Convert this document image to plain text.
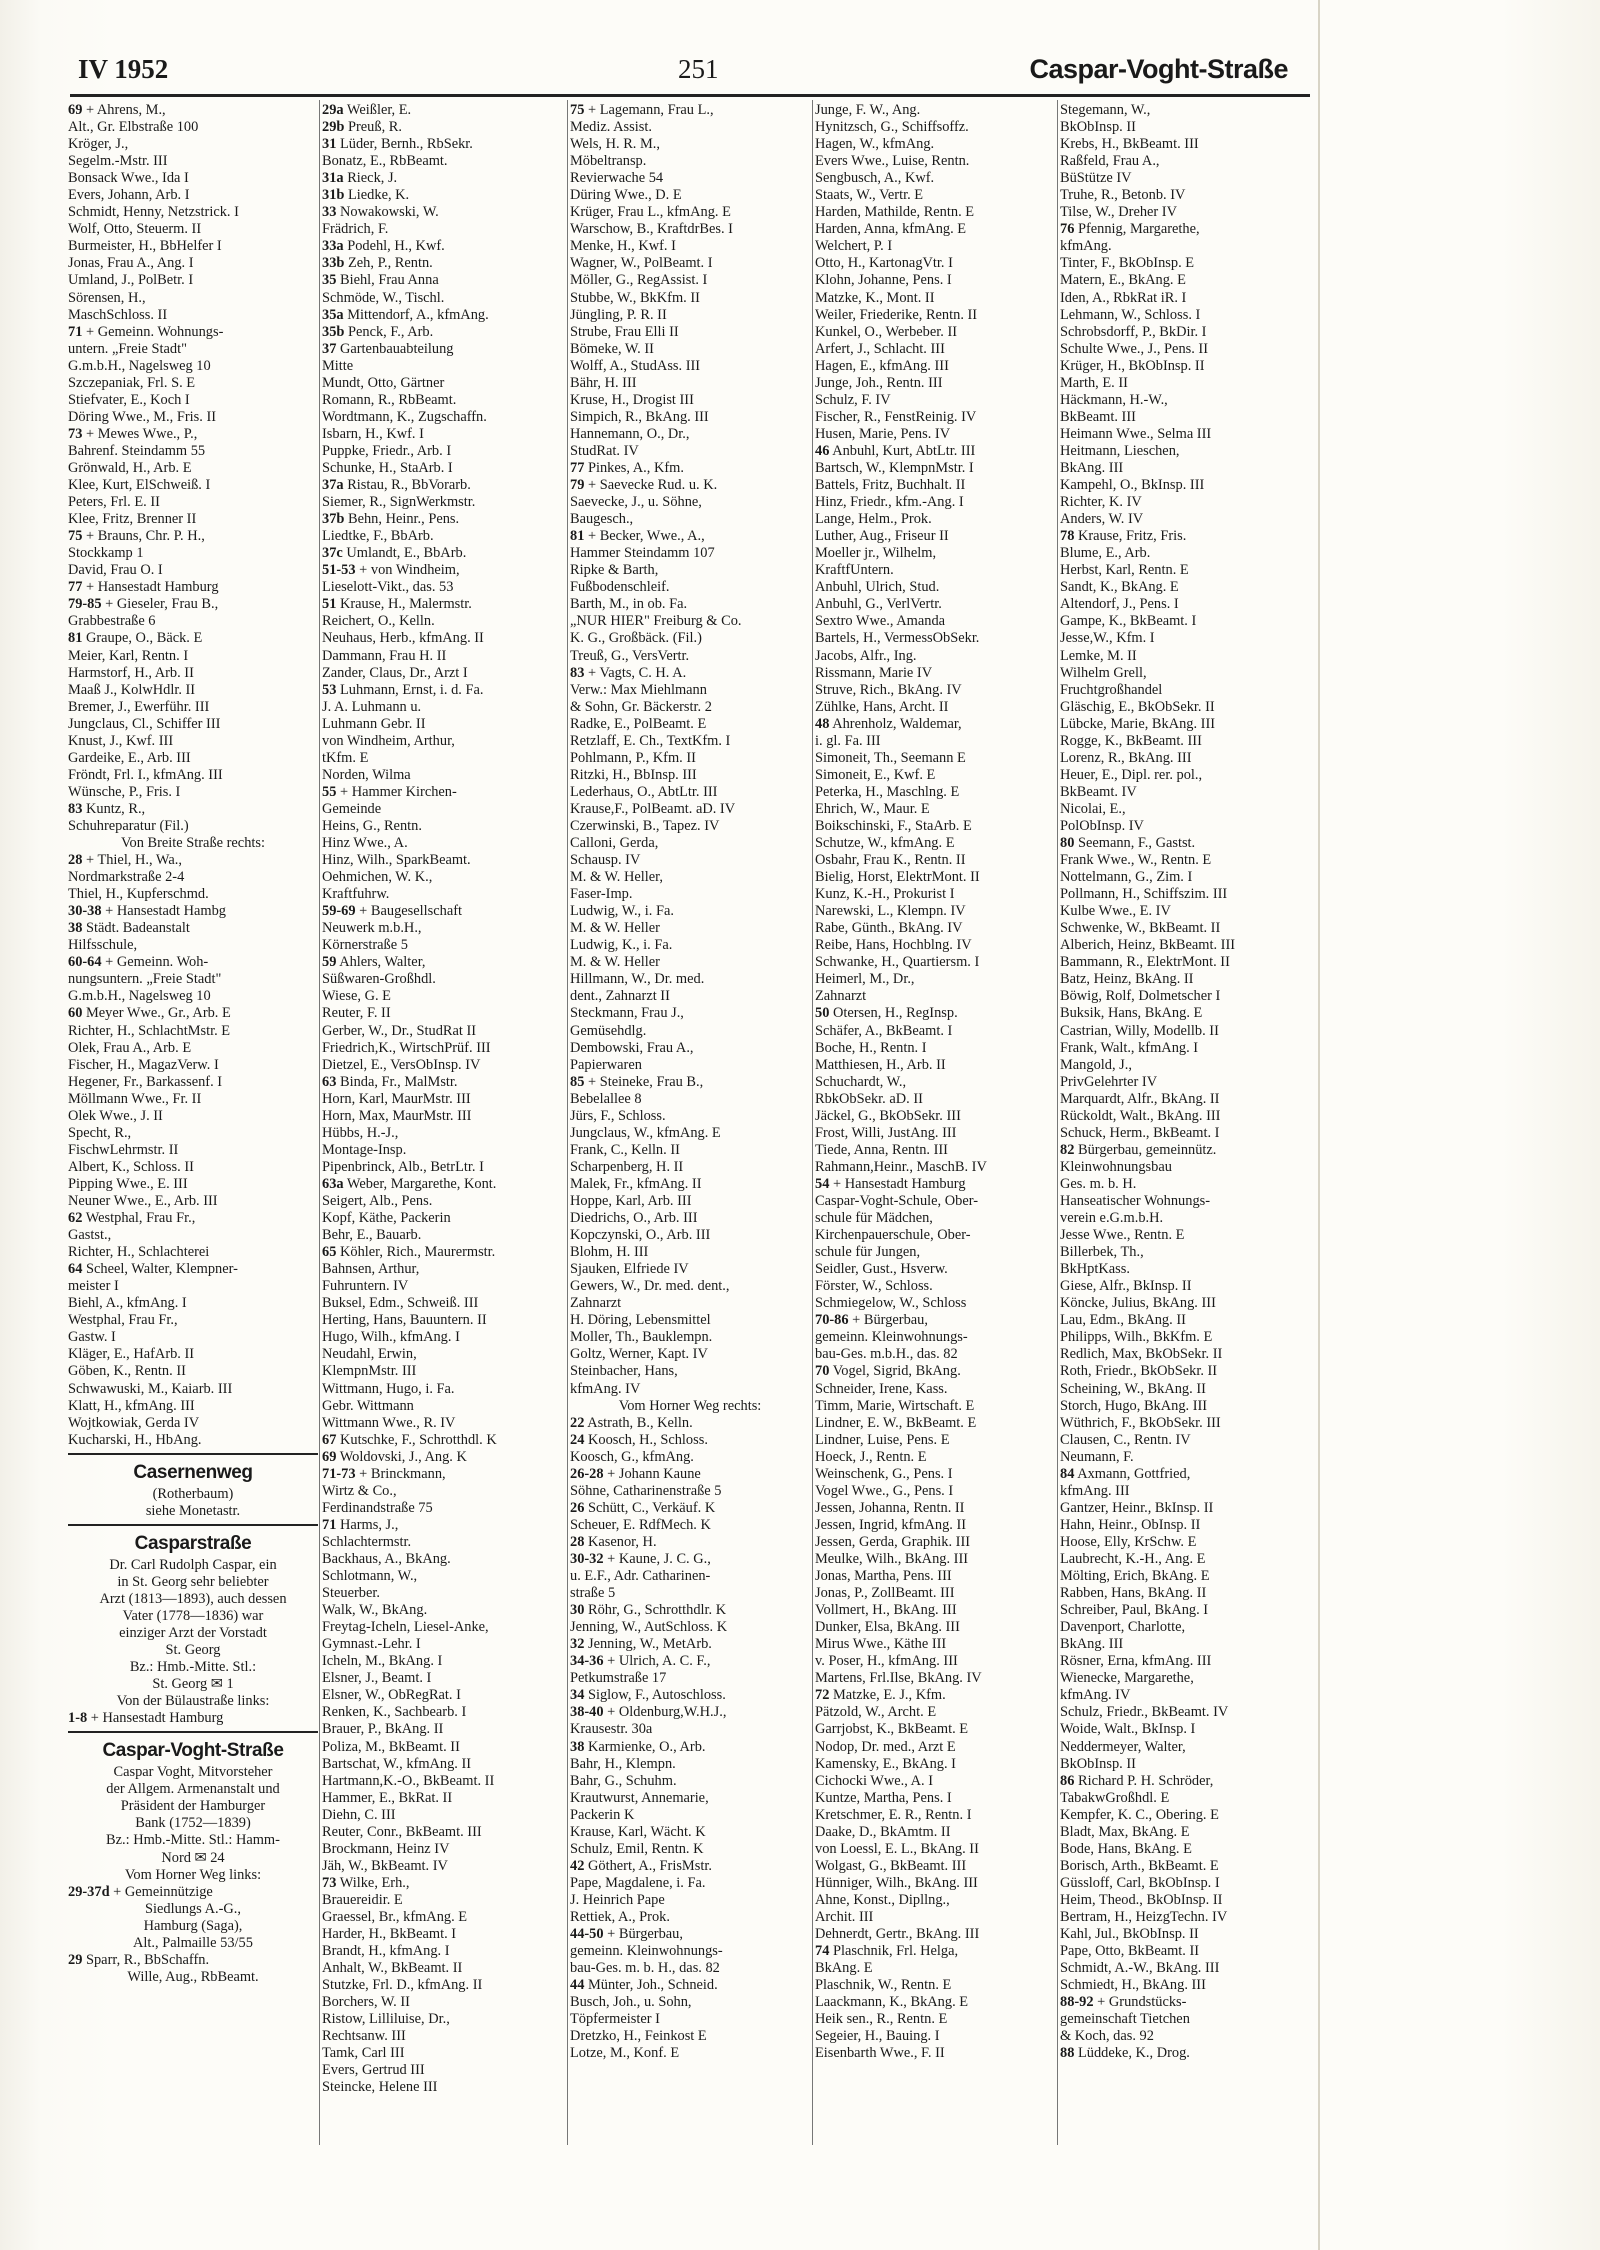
IV 1952	251	Caspar-Voght-Straße
69 + Ahrens, M.,
Alt., Gr. Elbstraße 100
Kröger, J.,
Segelm.-Mstr. III
Bonsack Wwe., Ida I
Evers, Johann, Arb. I
Schmidt, Henny, Netzstrick. I
Wolf, Otto, Steuerm. II
Burmeister, H., BbHelfer I
Jonas, Frau A., Ang. I
Umland, J., PolBetr. I
Sörensen, H.,
MaschSchloss. II
71 + Gemeinn. Wohnungs-
untern. „Freie Stadt"
G.m.b.H., Nagelsweg 10
Szczepaniak, Frl. S. E
Stiefvater, E., Koch I
Döring Wwe., M., Fris. II
73 + Mewes Wwe., P.,
Bahrenf. Steindamm 55
Grönwald, H., Arb. E
Klee, Kurt, ElSchweiß. I
Peters, Frl. E. II
Klee, Fritz, Brenner II
75 + Brauns, Chr. P. H.,
Stockkamp 1
David, Frau O. I
77 + Hansestadt Hamburg
79-85 + Gieseler, Frau B.,
Grabbestraße 6
81 Graupe, O., Bäck. E
Meier, Karl, Rentn. I
Harmstorf, H., Arb. II
Maaß J., KolwHdlr. II
Bremer, J., Ewerführ. III
Jungclaus, Cl., Schiffer III
Knust, J., Kwf. III
Gardeike, E., Arb. III
Fröndt, Frl. I., kfmAng. III
Wünsche, P., Fris. I
83 Kuntz, R.,
Schuhreparatur (Fil.)
Von Breite Straße rechts:
28 + Thiel, H., Wa.,
Nordmarkstraße 2-4
Thiel, H., Kupferschmd.
30-38 + Hansestadt Hambg
38 Städt. Badeanstalt
Hilfsschule,
60-64 + Gemeinn. Woh-
nungsuntern. „Freie Stadt"
G.m.b.H., Nagelsweg 10
60 Meyer Wwe., Gr., Arb. E
Richter, H., SchlachtMstr. E
Olek, Frau A., Arb. E
Fischer, H., MagazVerw. I
Hegener, Fr., Barkassenf. I
Möllmann Wwe., Fr. II
Olek Wwe., J. II
Specht, R.,
FischwLehrmstr. II
Albert, K., Schloss. II
Pipping Wwe., E. III
Neuner Wwe., E., Arb. III
62 Westphal, Frau Fr.,
Gastst.,
Richter, H., Schlachterei
64 Scheel, Walter, Klempner-
meister I
Biehl, A., kfmAng. I
Westphal, Frau Fr.,
Gastw. I
Kläger, E., HafArb. II
Göben, K., Rentn. II
Schwawuski, M., Kaiarb. III
Klatt, H., kfmAng. III
Wojtkowiak, Gerda IV
Kucharski, H., HbAng.
Casernenweg
(Rotherbaum)
siehe Monetastr.
Casparstraße
Dr. Carl Rudolph Caspar, ein
in St. Georg sehr beliebter
Arzt (1813—1893), auch dessen
Vater (1778—1836) war
einziger Arzt der Vorstadt
St. Georg
Bz.: Hmb.-Mitte. Stl.:
St. Georg ✉ 1
Von der Bülaustraße links:
1-8 + Hansestadt Hamburg
Caspar-Voght-Straße
Caspar Voght, Mitvorsteher
der Allgem. Armenanstalt und
Präsident der Hamburger
Bank (1752—1839)
Bz.: Hmb.-Mitte. Stl.: Hamm-
Nord ✉ 24
Vom Horner Weg links:
29-37d + Gemeinnützige
Siedlungs A.-G.,
Hamburg (Saga),
Alt., Palmaille 53/55
29 Sparr, R., BbSchaffn.
Wille, Aug., RbBeamt.
29a Weißler, E.
29b Preuß, R.
31 Lüder, Bernh., RbSekr.
Bonatz, E., RbBeamt.
31a Rieck, J.
31b Liedke, K.
33 Nowakowski, W.
Frädrich, F.
33a Podehl, H., Kwf.
33b Zeh, P., Rentn.
35 Biehl, Frau Anna
Schmöde, W., Tischl.
35a Mittendorf, A., kfmAng.
35b Penck, F., Arb.
37 Gartenbauabteilung
Mitte
Mundt, Otto, Gärtner
Romann, R., RbBeamt.
Wordtmann, K., Zugschaffn.
Isbarn, H., Kwf. I
Puppke, Friedr., Arb. I
Schunke, H., StaArb. I
37a Ristau, R., BbVorarb.
Siemer, R., SignWerkmstr.
37b Behn, Heinr., Pens.
Liedtke, F., BbArb.
37c Umlandt, E., BbArb.
51-53 + von Windheim,
Lieselott-Vikt., das. 53
51 Krause, H., Malermstr.
Reichert, O., Kelln.
Neuhaus, Herb., kfmAng. II
Dammann, Frau H. II
Zander, Claus, Dr., Arzt I
53 Luhmann, Ernst, i. d. Fa.
J. A. Luhmann u.
Luhmann Gebr. II
von Windheim, Arthur,
tKfm. E
Norden, Wilma
55 + Hammer Kirchen-
Gemeinde
Heins, G., Rentn.
Hinz Wwe., A.
Hinz, Wilh., SparkBeamt.
Oehmichen, W. K.,
Kraftfuhrw.
59-69 + Baugesellschaft
Neuwerk m.b.H.,
Körnerstraße 5
59 Ahlers, Walter,
Süßwaren-Großhdl.
Wiese, G. E
Reuter, F. II
Gerber, W., Dr., StudRat II
Friedrich,K., WirtschPrüf. III
Dietzel, E., VersObInsp. IV
63 Binda, Fr., MalMstr.
Horn, Karl, MaurMstr. III
Horn, Max, MaurMstr. III
Hübbs, H.-J.,
Montage-Insp.
Pipenbrinck, Alb., BetrLtr. I
63a Weber, Margarethe, Kont.
Seigert, Alb., Pens.
Kopf, Käthe, Packerin
Behr, E., Bauarb.
65 Köhler, Rich., Maurermstr.
Bahnsen, Arthur,
Fuhruntern. IV
Buksel, Edm., Schweiß. III
Herting, Hans, Bauuntern. II
Hugo, Wilh., kfmAng. I
Neudahl, Erwin,
KlempnMstr. III
Wittmann, Hugo, i. Fa.
Gebr. Wittmann
Wittmann Wwe., R. IV
67 Kutschke, F., Schrotthdl. K
69 Woldovski, J., Ang. K
71-73 + Brinckmann,
Wirtz & Co.,
Ferdinandstraße 75
71 Harms, J.,
Schlachtermstr.
Backhaus, A., BkAng.
Schlotmann, W.,
Steuerber.
Walk, W., BkAng.
Freytag-Icheln, Liesel-Anke,
Gymnast.-Lehr. I
Icheln, M., BkAng. I
Elsner, J., Beamt. I
Elsner, W., ObRegRat. I
Renken, K., Sachbearb. I
Brauer, P., BkAng. II
Poliza, M., BkBeamt. II
Bartschat, W., kfmAng. II
Hartmann,K.-O., BkBeamt. II
Hammer, E., BkRat. II
Diehn, C. III
Reuter, Conr., BkBeamt. III
Brockmann, Heinz IV
Jäh, W., BkBeamt. IV
73 Wilke, Erh.,
Brauereidir. E
Graessel, Br., kfmAng. E
Harder, H., BkBeamt. I
Brandt, H., kfmAng. I
Anhalt, W., BkBeamt. II
Stutzke, Frl. D., kfmAng. II
Borchers, W. II
Ristow, Lilliluise, Dr.,
Rechtsanw. III
Tamk, Carl III
Evers, Gertrud III
Steincke, Helene III
75 + Lagemann, Frau L.,
Mediz. Assist.
Wels, H. R. M.,
Möbeltransp.
Revierwache 54
Düring Wwe., D. E
Krüger, Frau L., kfmAng. E
Warschow, B., KraftdrBes. I
Menke, H., Kwf. I
Wagner, W., PolBeamt. I
Möller, G., RegAssist. I
Stubbe, W., BkKfm. II
Jüngling, P. R. II
Strube, Frau Elli II
Bömeke, W. II
Wolff, A., StudAss. III
Bähr, H. III
Kruse, H., Drogist III
Simpich, R., BkAng. III
Hannemann, O., Dr.,
StudRat. IV
77 Pinkes, A., Kfm.
79 + Saevecke Rud. u. K.
Saevecke, J., u. Söhne,
Baugesch.,
81 + Becker, Wwe., A.,
Hammer Steindamm 107
Ripke & Barth,
Fußbodenschleif.
Barth, M., in ob. Fa.
„NUR HIER" Freiburg & Co.
K. G., Großbäck. (Fil.)
Treuß, G., VersVertr.
83 + Vagts, C. H. A.
Verw.: Max Miehlmann
& Sohn, Gr. Bäckerstr. 2
Radke, E., PolBeamt. E
Retzlaff, E. Ch., TextKfm. I
Pohlmann, P., Kfm. II
Ritzki, H., BbInsp. III
Lederhaus, O., AbtLtr. III
Krause,F., PolBeamt. aD. IV
Czerwinski, B., Tapez. IV
Calloni, Gerda,
Schausp. IV
M. & W. Heller,
Faser-Imp.
Ludwig, W., i. Fa.
M. & W. Heller
Ludwig, K., i. Fa.
M. & W. Heller
Hillmann, W., Dr. med.
dent., Zahnarzt II
Steckmann, Frau J.,
Gemüsehdlg.
Dembowski, Frau A.,
Papierwaren
85 + Steineke, Frau B.,
Bebelallee 8
Jürs, F., Schloss.
Jungclaus, W., kfmAng. E
Frank, C., Kelln. II
Scharpenberg, H. II
Malek, Fr., kfmAng. II
Hoppe, Karl, Arb. III
Diedrichs, O., Arb. III
Kopczynski, O., Arb. III
Blohm, H. III
Sjauken, Elfriede IV
Gewers, W., Dr. med. dent.,
Zahnarzt
H. Döring, Lebensmittel
Moller, Th., Bauklempn.
Goltz, Werner, Kapt. IV
Steinbacher, Hans,
kfmAng. IV
Vom Horner Weg rechts:
22 Astrath, B., Kelln.
24 Koosch, H., Schloss.
Koosch, G., kfmAng.
26-28 + Johann Kaune
Söhne, Catharinenstraße 5
26 Schütt, C., Verkäuf. K
Scheuer, E. RdfMech. K
28 Kasenor, H.
30-32 + Kaune, J. C. G.,
u. E.F., Adr. Catharinen-
straße 5
30 Röhr, G., Schrotthdlr. K
Jenning, W., AutSchloss. K
32 Jenning, W., MetArb.
34-36 + Ulrich, A. C. F.,
Petkumstraße 17
34 Siglow, F., Autoschloss.
38-40 + Oldenburg,W.H.J.,
Krausestr. 30a
38 Karmienke, O., Arb.
Bahr, H., Klempn.
Bahr, G., Schuhm.
Krautwurst, Annemarie,
Packerin K
Krause, Karl, Wächt. K
Schulz, Emil, Rentn. K
42 Göthert, A., FrisMstr.
Pape, Magdalene, i. Fa.
J. Heinrich Pape
Rettiek, A., Prok.
44-50 + Bürgerbau,
gemeinn. Kleinwohnungs-
bau-Ges. m. b. H., das. 82
44 Münter, Joh., Schneid.
Busch, Joh., u. Sohn,
Töpfermeister I
Dretzko, H., Feinkost E
Lotze, M., Konf. E
Junge, F. W., Ang.
Hynitzsch, G., Schiffsoffz.
Hagen, W., kfmAng.
Evers Wwe., Luise, Rentn.
Sengbusch, A., Kwf.
Staats, W., Vertr. E
Harden, Mathilde, Rentn. E
Harden, Anna, kfmAng. E
Welchert, P. I
Otto, H., KartonagVtr. I
Klohn, Johanne, Pens. I
Matzke, K., Mont. II
Weiler, Friederike, Rentn. II
Kunkel, O., Werbeber. II
Arfert, J., Schlacht. III
Hagen, E., kfmAng. III
Junge, Joh., Rentn. III
Schulz, F. IV
Fischer, R., FenstReinig. IV
Husen, Marie, Pens. IV
46 Anbuhl, Kurt, AbtLtr. III
Bartsch, W., KlempnMstr. I
Battels, Fritz, Buchhalt. II
Hinz, Friedr., kfm.-Ang. I
Lange, Helm., Prok.
Luther, Aug., Friseur II
Moeller jr., Wilhelm,
KraftfUntern.
Anbuhl, Ulrich, Stud.
Anbuhl, G., VerlVertr.
Sextro Wwe., Amanda
Bartels, H., VermessObSekr.
Jacobs, Alfr., Ing.
Rissmann, Marie IV
Struve, Rich., BkAng. IV
Zühlke, Hans, Archt. II
48 Ahrenholz, Waldemar,
i. gl. Fa. III
Simoneit, Th., Seemann E
Simoneit, E., Kwf. E
Peterka, H., Maschlng. E
Ehrich, W., Maur. E
Boikschinski, F., StaArb. E
Schutze, W., kfmAng. E
Osbahr, Frau K., Rentn. II
Bielig, Horst, ElektrMont. II
Kunz, K.-H., Prokurist I
Narewski, L., Klempn. IV
Rabe, Günth., BkAng. IV
Reibe, Hans, Hochblng. IV
Schwanke, H., Quartiersm. I
Heimerl, M., Dr.,
Zahnarzt
50 Otersen, H., RegInsp.
Schäfer, A., BkBeamt. I
Boche, H., Rentn. I
Matthiesen, H., Arb. II
Schuchardt, W.,
RbkObSekr. aD. II
Jäckel, G., BkObSekr. III
Frost, Willi, JustAng. III
Tiede, Anna, Rentn. III
Rahmann,Heinr., MaschB. IV
54 + Hansestadt Hamburg
Caspar-Voght-Schule, Ober-
schule für Mädchen,
Kirchenpauerschule, Ober-
schule für Jungen,
Seidler, Gust., Hsverw.
Förster, W., Schloss.
Schmiegelow, W., Schloss
70-86 + Bürgerbau,
gemeinn. Kleinwohnungs-
bau-Ges. m.b.H., das. 82
70 Vogel, Sigrid, BkAng.
Schneider, Irene, Kass.
Timm, Marie, Wirtschaft. E
Lindner, E. W., BkBeamt. E
Lindner, Luise, Pens. E
Hoeck, J., Rentn. E
Weinschenk, G., Pens. I
Vogel Wwe., G., Pens. I
Jessen, Johanna, Rentn. II
Jessen, Ingrid, kfmAng. II
Jessen, Gerda, Graphik. III
Meulke, Wilh., BkAng. III
Jonas, Martha, Pens. III
Jonas, P., ZollBeamt. III
Vollmert, H., BkAng. III
Dunker, Elsa, BkAng. III
Mirus Wwe., Käthe III
v. Poser, H., kfmAng. III
Martens, Frl.Ilse, BkAng. IV
72 Matzke, E. J., Kfm.
Pätzold, W., Archt. E
Garrjobst, K., BkBeamt. E
Nodop, Dr. med., Arzt E
Kamensky, E., BkAng. I
Cichocki Wwe., A. I
Kuntze, Martha, Pens. I
Kretschmer, E. R., Rentn. I
Daake, D., BkAmtm. II
von Loessl, E. L., BkAng. II
Wolgast, G., BkBeamt. III
Hünniger, Wilh., BkAng. III
Ahne, Konst., Dipllng.,
Archit. III
Dehnerdt, Gertr., BkAng. III
74 Plaschnik, Frl. Helga,
BkAng. E
Plaschnik, W., Rentn. E
Laackmann, K., BkAng. E
Heik sen., R., Rentn. E
Segeier, H., Bauing. I
Eisenbarth Wwe., F. II
Stegemann, W.,
BkObInsp. II
Krebs, H., BkBeamt. III
Raßfeld, Frau A.,
BüStütze IV
Truhe, R., Betonb. IV
Tilse, W., Dreher IV
76 Pfennig, Margarethe,
kfmAng.
Tinter, F., BkObInsp. E
Matern, E., BkAng. E
Iden, A., RbkRat iR. I
Lehmann, W., Schloss. I
Schrobsdorff, P., BkDir. I
Schulte Wwe., J., Pens. II
Krüger, H., BkObInsp. II
Marth, E. II
Häckmann, H.-W.,
BkBeamt. III
Heimann Wwe., Selma III
Heitmann, Lieschen,
BkAng. III
Kampehl, O., BkInsp. III
Richter, K. IV
Anders, W. IV
78 Krause, Fritz, Fris.
Blume, E., Arb.
Herbst, Karl, Rentn. E
Sandt, K., BkAng. E
Altendorf, J., Pens. I
Gampe, K., BkBeamt. I
Jesse,W., Kfm. I
Lemke, M. II
Wilhelm Grell,
Fruchtgroßhandel
Gläschig, E., BkObSekr. II
Lübcke, Marie, BkAng. III
Rogge, K., BkBeamt. III
Lorenz, R., BkAng. III
Heuer, E., Dipl. rer. pol.,
BkBeamt. IV
Nicolai, E.,
PolObInsp. IV
80 Seemann, F., Gastst.
Frank Wwe., W., Rentn. E
Nottelmann, G., Zim. I
Pollmann, H., Schiffszim. III
Kulbe Wwe., E. IV
Schwenke, W., BkBeamt. II
Alberich, Heinz, BkBeamt. III
Bammann, R., ElektrMont. II
Batz, Heinz, BkAng. II
Böwig, Rolf, Dolmetscher I
Buksik, Hans, BkAng. E
Castrian, Willy, Modellb. II
Frank, Walt., kfmAng. I
Mangold, J.,
PrivGelehrter IV
Marquardt, Alfr., BkAng. II
Rückoldt, Walt., BkAng. III
Schuck, Herm., BkBeamt. I
82 Bürgerbau, gemeinnütz.
Kleinwohnungsbau
Ges. m. b. H.
Hanseatischer Wohnungs-
verein e.G.m.b.H.
Jesse Wwe., Rentn. E
Billerbek, Th.,
BkHptKass.
Giese, Alfr., BkInsp. II
Köncke, Julius, BkAng. III
Lau, Edm., BkAng. II
Philipps, Wilh., BkKfm. E
Redlich, Max, BkObSekr. II
Roth, Friedr., BkObSekr. II
Scheining, W., BkAng. II
Storch, Hugo, BkAng. III
Wüthrich, F., BkObSekr. III
Clausen, C., Rentn. IV
Neumann, F.
84 Axmann, Gottfried,
kfmAng. III
Gantzer, Heinr., BkInsp. II
Hahn, Heinr., ObInsp. II
Hoose, Elly, KrSchw. E
Laubrecht, K.-H., Ang. E
Mölting, Erich, BkAng. E
Rabben, Hans, BkAng. II
Schreiber, Paul, BkAng. I
Davenport, Charlotte,
BkAng. III
Rösner, Erna, kfmAng. III
Wienecke, Margarethe,
kfmAng. IV
Schulz, Friedr., BkBeamt. IV
Woide, Walt., BkInsp. I
Neddermeyer, Walter,
BkObInsp. II
86 Richard P. H. Schröder,
TabakwGroßhdl. E
Kempfer, K. C., Obering. E
Bladt, Max, BkAng. E
Bode, Hans, BkAng. E
Borisch, Arth., BkBeamt. E
Güssloff, Carl, BkObInsp. I
Heim, Theod., BkObInsp. II
Bertram, H., HeizgTechn. IV
Kahl, Jul., BkObInsp. II
Pape, Otto, BkBeamt. II
Schmidt, A.-W., BkAng. III
Schmiedt, H., BkAng. III
88-92 + Grundstücks-
gemeinschaft Tietchen
& Koch, das. 92
88 Lüddeke, K., Drog.
